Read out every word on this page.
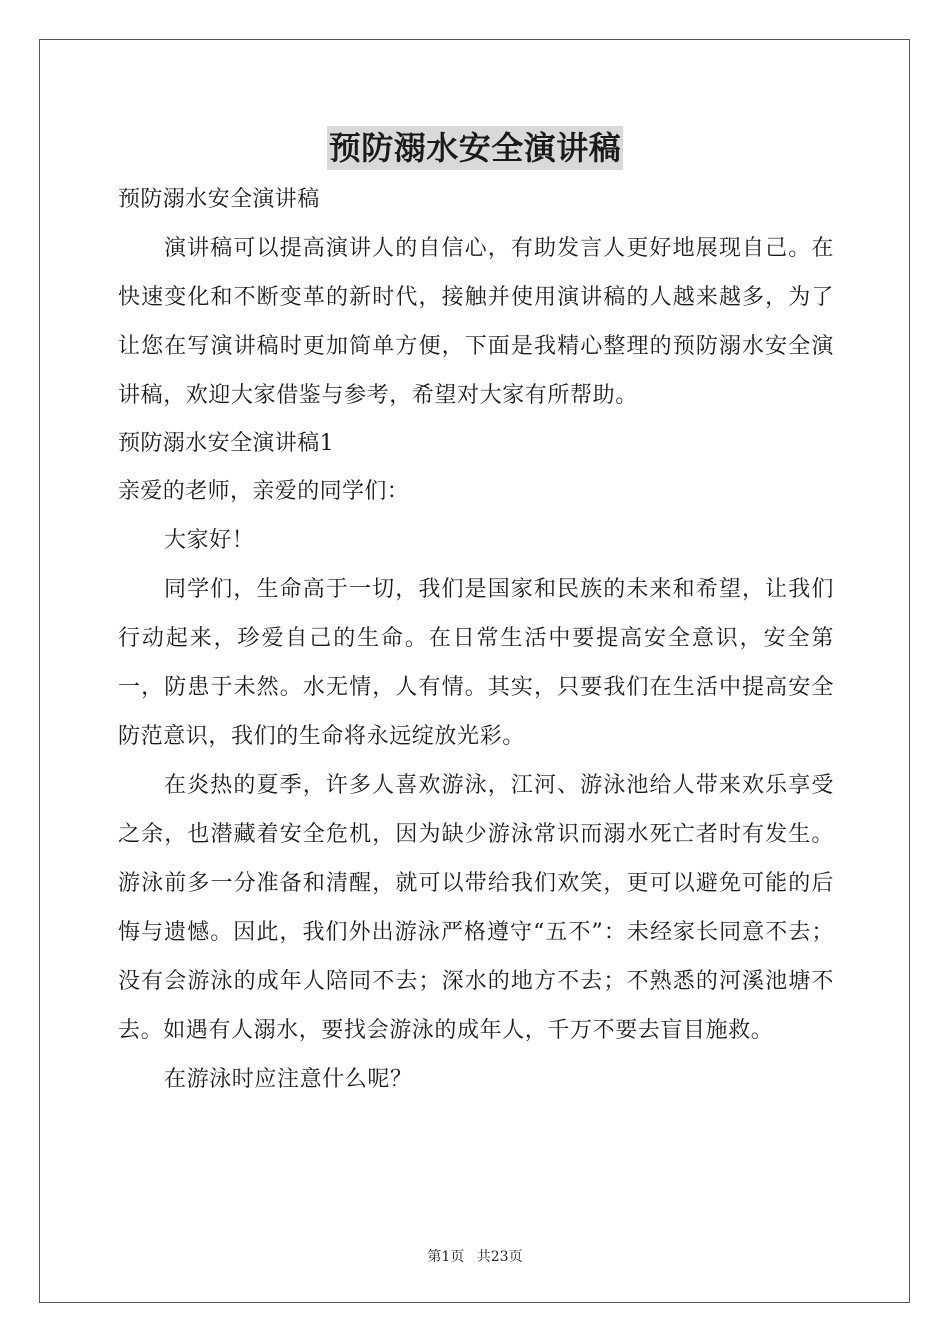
预防溺水安全演讲稿

预防溺水安全演讲稿

演讲稿可以提高演讲人的自信心，有助发言人更好地展现自己。在快速变化和不断变革的新时代，接触并使用演讲稿的人越来越多，为了让您在写演讲稿时更加简单方便，下面是我精心整理的预防溺水安全演讲稿，欢迎大家借鉴与参考，希望对大家有所帮助。

预防溺水安全演讲稿1

亲爱的老师，亲爱的同学们：

大家好！

同学们，生命高于一切，我们是国家和民族的未来和希望，让我们行动起来，珍爱自己的生命。在日常生活中要提高安全意识，安全第一，防患于未然。水无情，人有情。其实，只要我们在生活中提高安全防范意识，我们的生命将永远绽放光彩。

在炎热的夏季，许多人喜欢游泳，江河、游泳池给人带来欢乐享受之余，也潜藏着安全危机，因为缺少游泳常识而溺水死亡者时有发生。游泳前多一分准备和清醒，就可以带给我们欢笑，更可以避免可能的后悔与遗憾。因此，我们外出游泳严格遵守“五不”：未经家长同意不去；没有会游泳的成年人陪同不去；深水的地方不去；不熟悉的河溪池塘不去。如遇有人溺水，要找会游泳的成年人，千万不要去盲目施救。

在游泳时应注意什么呢？

第1页 共23页
